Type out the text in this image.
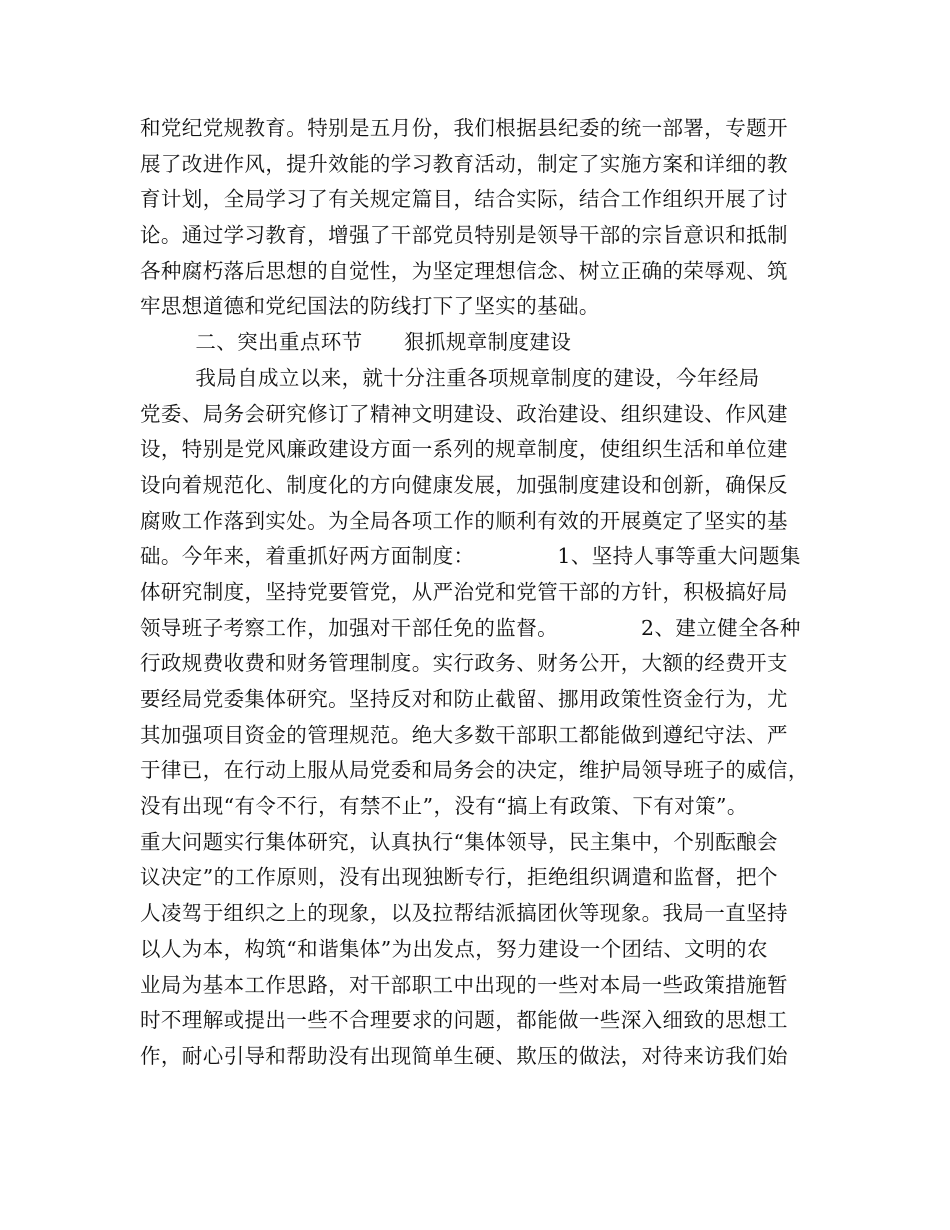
和党纪党规教育。特别是五月份，我们根据县纪委的统一部署，专题开
展了改进作风，提升效能的学习教育活动，制定了实施方案和详细的教
育计划，全局学习了有关规定篇目，结合实际，结合工作组织开展了讨
论。通过学习教育，增强了干部党员特别是领导干部的宗旨意识和抵制
各种腐朽落后思想的自觉性，为坚定理想信念、树立正确的荣辱观、筑
牢思想道德和党纪国法的防线打下了坚实的基础。
二、突出重点环节      狠抓规章制度建设
我局自成立以来，就十分注重各项规章制度的建设，今年经局
党委、局务会研究修订了精神文明建设、政治建设、组织建设、作风建
设，特别是党风廉政建设方面一系列的规章制度，使组织生活和单位建
设向着规范化、制度化的方向健康发展，加强制度建设和创新，确保反
腐败工作落到实处。为全局各项工作的顺利有效的开展奠定了坚实的基
础。今年来，着重抓好两方面制度：            1、坚持人事等重大问题集
体研究制度，坚持党要管党，从严治党和党管干部的方针，积极搞好局
领导班子考察工作，加强对干部任免的监督。            2、建立健全各种
行政规费收费和财务管理制度。实行政务、财务公开，大额的经费开支
要经局党委集体研究。坚持反对和防止截留、挪用政策性资金行为，尤
其加强项目资金的管理规范。绝大多数干部职工都能做到遵纪守法、严
于律已，在行动上服从局党委和局务会的决定，维护局领导班子的威信，
没有出现“有令不行，有禁不止”，没有“搞上有政策、下有对策”。
重大问题实行集体研究，认真执行“集体领导，民主集中，个别酝酿会
议决定”的工作原则，没有出现独断专行，拒绝组织调遣和监督，把个
人凌驾于组织之上的现象，以及拉帮结派搞团伙等现象。我局一直坚持
以人为本，构筑“和谐集体”为出发点，努力建设一个团结、文明的农
业局为基本工作思路，对干部职工中出现的一些对本局一些政策措施暂
时不理解或提出一些不合理要求的问题，都能做一些深入细致的思想工
作，耐心引导和帮助没有出现简单生硬、欺压的做法，对待来访我们始
